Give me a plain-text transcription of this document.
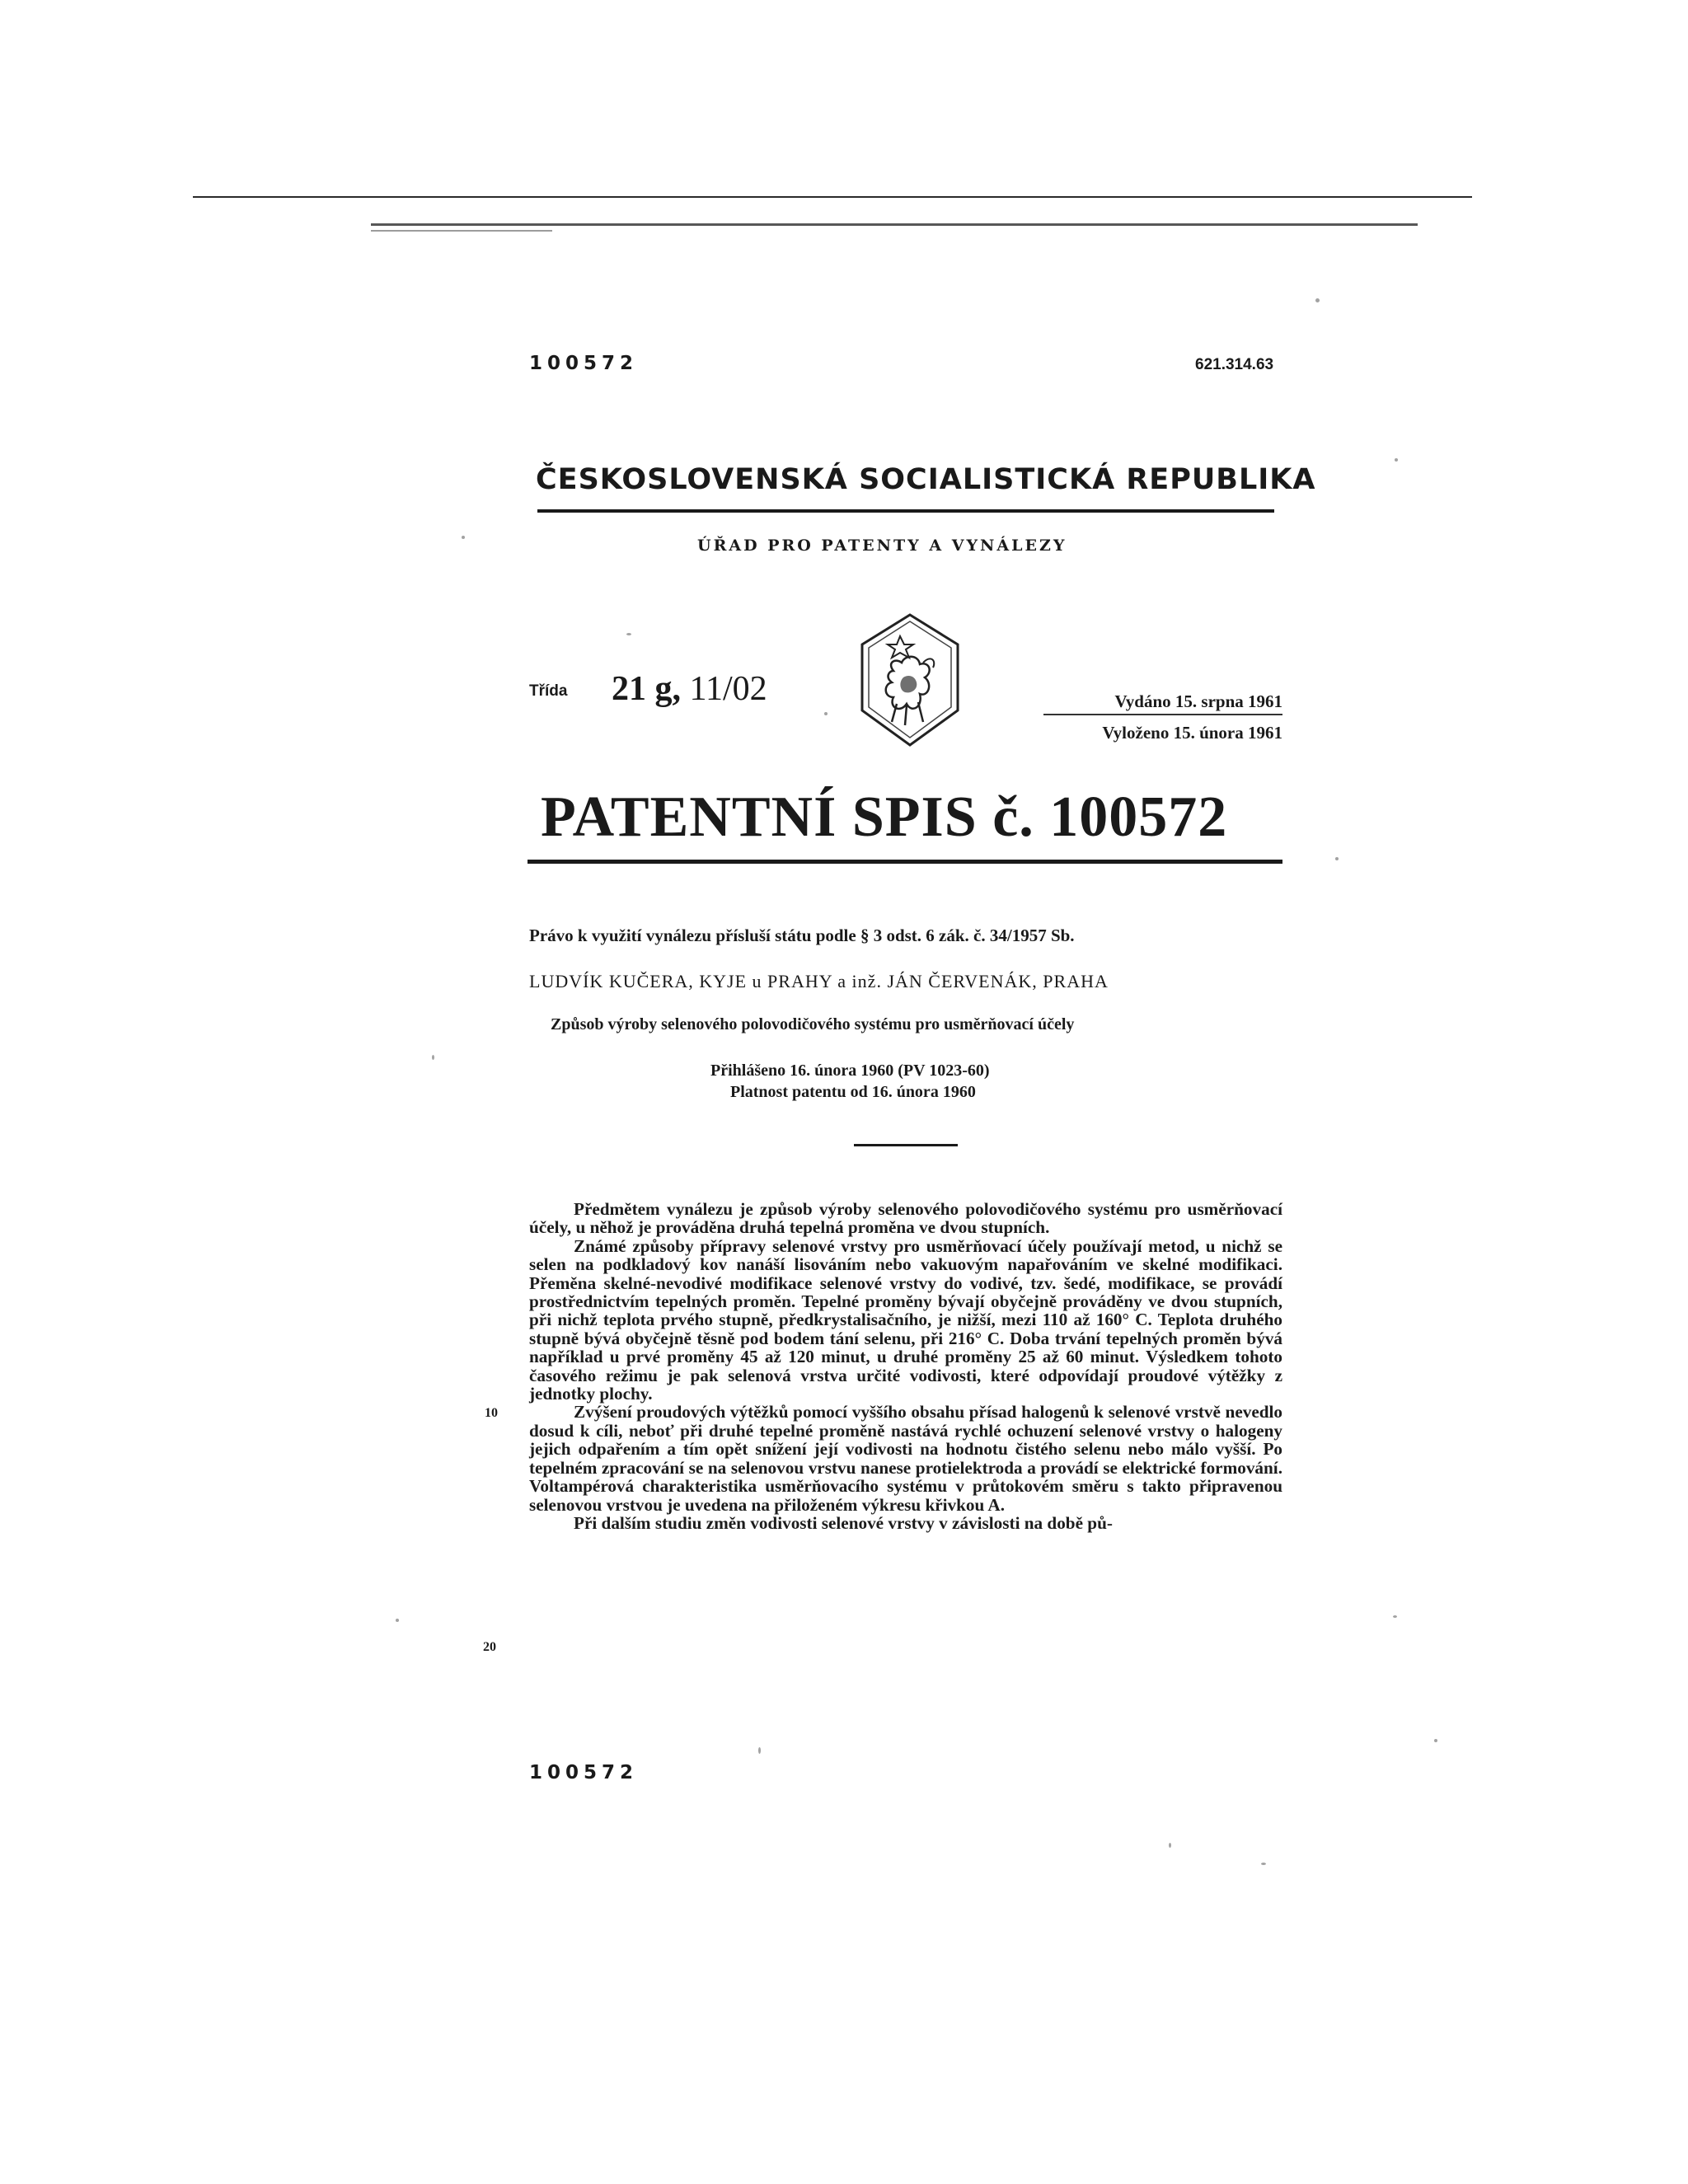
100572	621.314.63
ČESKOSLOVENSKÁ SOCIALISTICKÁ REPUBLIKA
ÚŘAD PRO PATENTY A VYNÁLEZY
Třída 21 g, 11/02	Vydáno 15. srpna 1961
Vyloženo 15. února 1961
PATENTNÍ SPIS č. 100572
Právo k využití vynálezu přísluší státu podle § 3 odst. 6 zák. č. 34/1957 Sb.
LUDVÍK KUČERA, KYJE u PRAHY a inž. JÁN ČERVENÁK, PRAHA
Způsob výroby selenového polovodičového systému pro usměrňovací účely
Přihlášeno 16. února 1960 (PV 1023-60)
Platnost patentu od 16. února 1960

Předmětem vynálezu je způsob výroby selenového polovodičového systému pro usměrňovací účely, u něhož je prováděna druhá tepelná proměna ve dvou stupních.

Známé způsoby přípravy selenové vrstvy pro usměrňovací účely používají metod, u nichž se selen na podkladový kov nanáší lisováním nebo vakuovým napařováním ve skelné modifikaci. Přeměna skelné-nevodivé modifikace selenové vrstvy do vodivé, tzv. šedé, modifikace, se provádí prostřednictvím tepelných proměn. Tepelné proměny bývají obyčejně prováděny ve dvou stupních, při nichž teplota prvého stupně, předkrystalisačního, je nižší, mezi 110 až 160° C. Teplota druhého stupně bývá obyčejně těsně pod bodem tání selenu, při 216° C. Doba trvání tepelných proměn bývá například u prvé proměny 45 až 120 minut, u druhé proměny 25 až 60 minut. Výsledkem tohoto časového režimu je pak selenová vrstva určité vodivosti, které odpovídají proudové výtěžky z jednotky plochy.

Zvýšení proudových výtěžků pomocí vyššího obsahu přísad halogenů k selenové vrstvě nevedlo dosud k cíli, neboť při druhé tepelné proměně nastává rychlé ochuzení selenové vrstvy o halogeny jejich odpařením a tím opět snížení její vodivosti na hodnotu čistého selenu nebo málo vyšší. Po tepelném zpracování se na selenovou vrstvu nanese protielektroda a provádí se elektrické formování. Voltampérová charakteristika usměrňovacího systému v průtokovém směru s takto připravenou selenovou vrstvou je uvedena na přiloženém výkresu křivkou A.

Při dalším studiu změn vodivosti selenové vrstvy v závislosti na době pů-

10
20
100572
